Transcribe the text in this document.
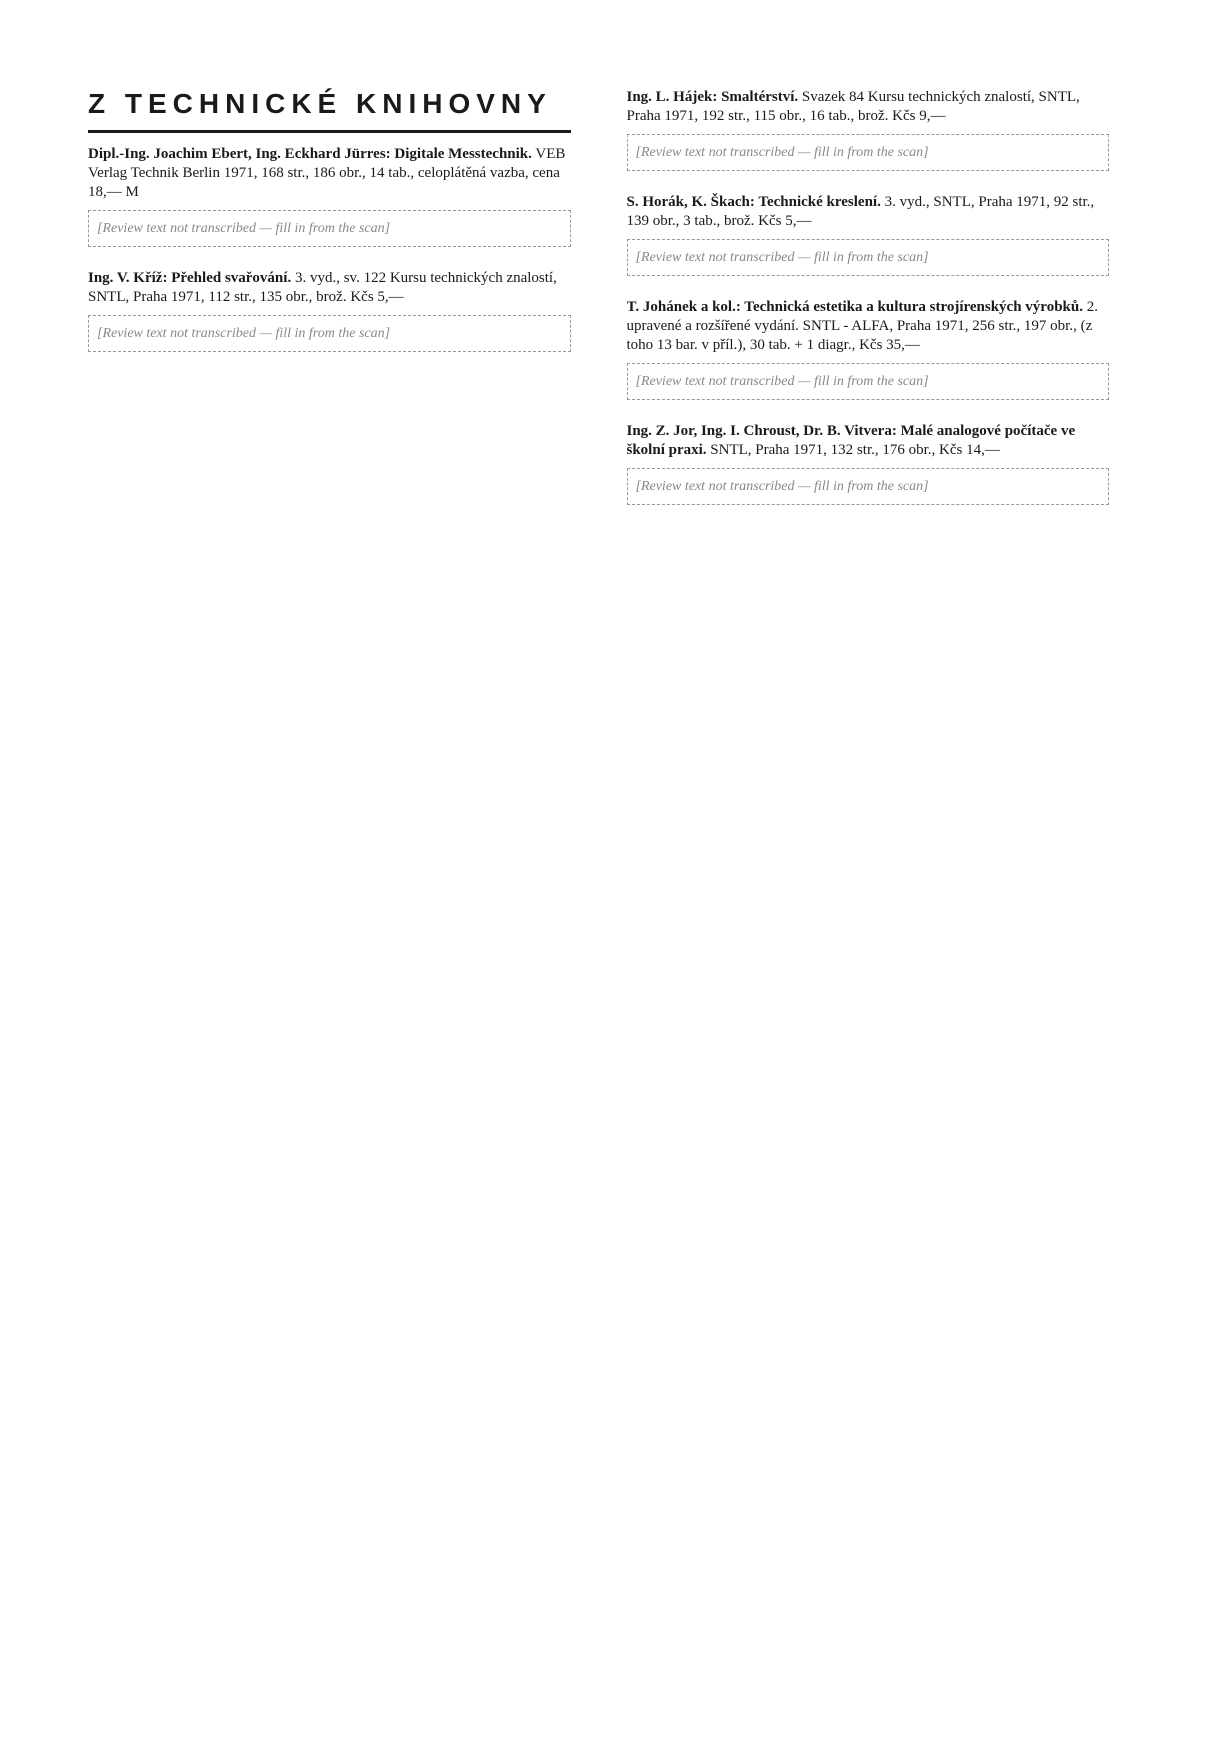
Z TECHNICKÉ KNIHOVNY

Dipl.-Ing. Joachim Ebert, Ing. Eckhard Jürres: Digitale Messtechnik. VEB Verlag Technik Berlin 1971, 168 str., 186 obr., 14 tab., celoplátěná vazba, cena 18,— M

[Review text not transcribed — fill in from the scan]

Ing. V. Kříž: Přehled svařování. 3. vyd., sv. 122 Kursu technických znalostí, SNTL, Praha 1971, 112 str., 135 obr., brož. Kčs 5,—

[Review text not transcribed — fill in from the scan]

Ing. L. Hájek: Smaltérství. Svazek 84 Kursu technických znalostí, SNTL, Praha 1971, 192 str., 115 obr., 16 tab., brož. Kčs 9,—

[Review text not transcribed — fill in from the scan]

S. Horák, K. Škach: Technické kreslení. 3. vyd., SNTL, Praha 1971, 92 str., 139 obr., 3 tab., brož. Kčs 5,—

[Review text not transcribed — fill in from the scan]

T. Johánek a kol.: Technická estetika a kultura strojírenských výrobků. 2. upravené a rozšířené vydání. SNTL - ALFA, Praha 1971, 256 str., 197 obr., (z toho 13 bar. v příl.), 30 tab. + 1 diagr., Kčs 35,—

[Review text not transcribed — fill in from the scan]

Ing. Z. Jor, Ing. I. Chroust, Dr. B. Vitvera: Malé analogové počítače ve školní praxi. SNTL, Praha 1971, 132 str., 176 obr., Kčs 14,—

[Review text not transcribed — fill in from the scan]
